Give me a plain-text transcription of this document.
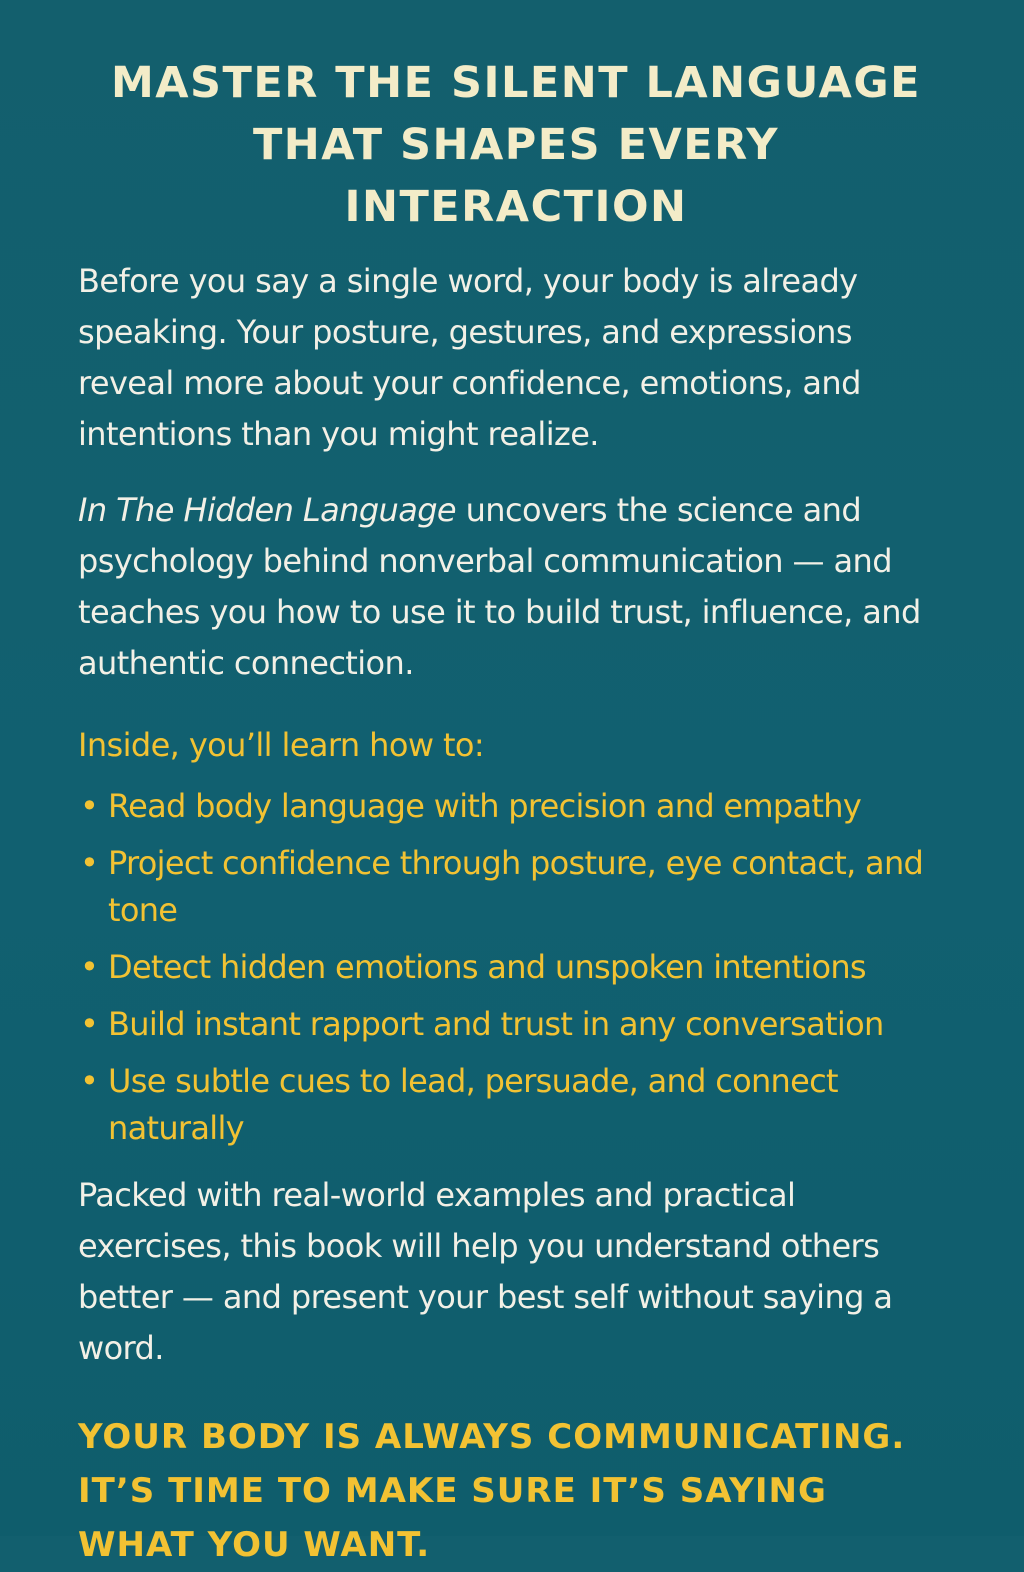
MASTER THE SILENT LANGUAGE
THAT SHAPES EVERY INTERACTION

Before you say a single word, your body is already speaking. Your posture, gestures, and expressions reveal more about your confidence, emotions, and intentions than you might realize.

In The Hidden Language uncovers the science and psychology behind nonverbal communication — and teaches you how to use it to build trust, influence, and authentic connection.

Inside, you’ll learn how to:

• Read body language with precision and empathy
• Project confidence through posture, eye contact, and tone
• Detect hidden emotions and unspoken intentions
• Build instant rapport and trust in any conversation
• Use subtle cues to lead, persuade, and connect naturally

Packed with real-world examples and practical exercises, this book will help you understand others better — and present your best self without saying a word.

YOUR BODY IS ALWAYS COMMUNICATING.
IT’S TIME TO MAKE SURE IT’S SAYING WHAT YOU WANT.
